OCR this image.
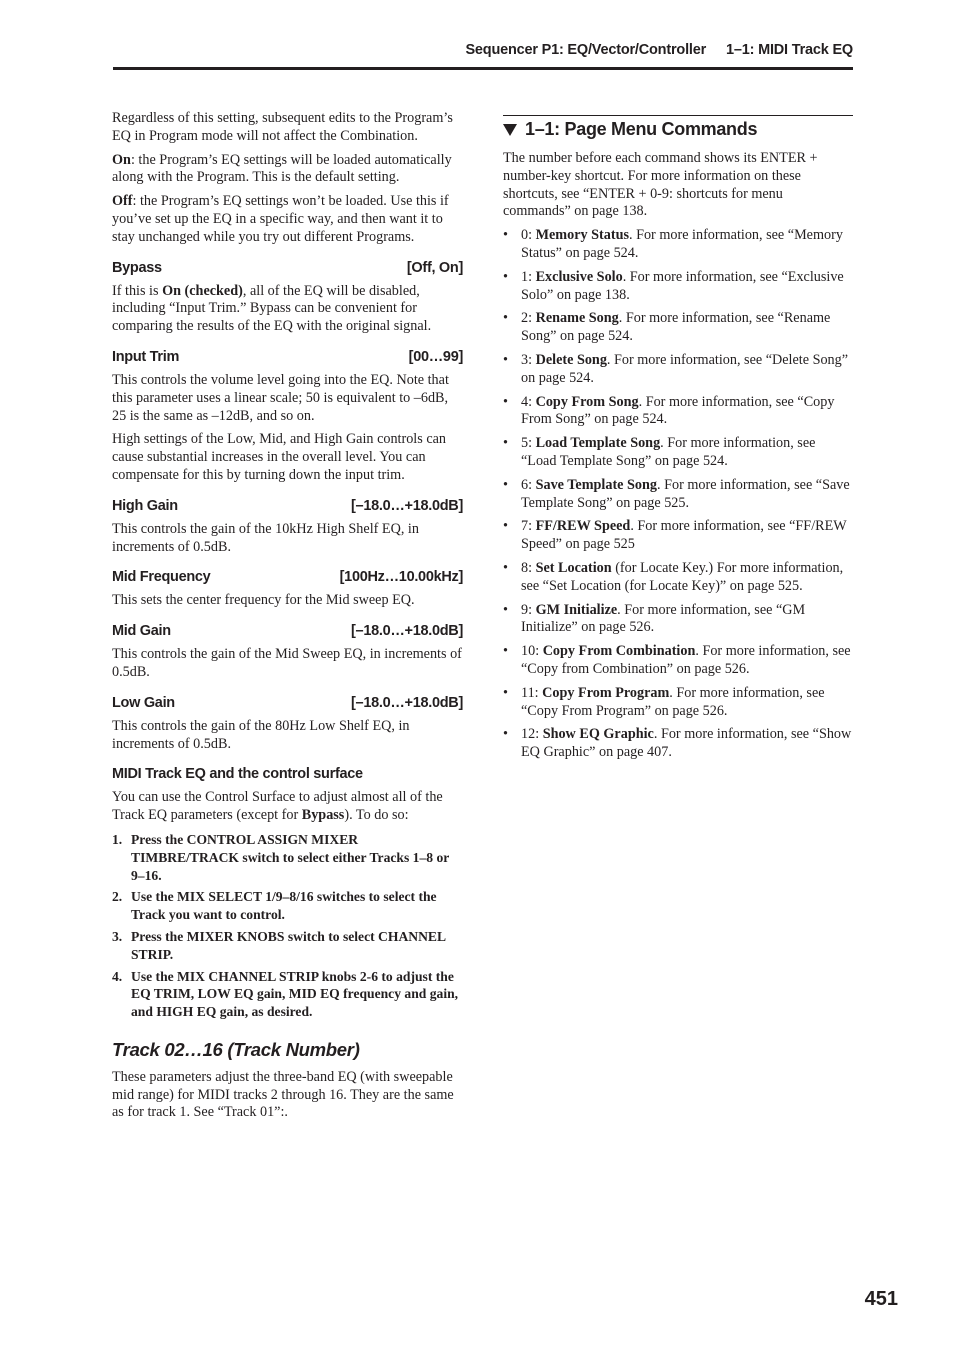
Sequencer P1: EQ/Vector/Controller 1–1: MIDI Track EQ

Regardless of this setting, subsequent edits to the Program’s EQ in Program mode will not affect the Combination.

On: the Program’s EQ settings will be loaded automatically along with the Program. This is the default setting.

Off: the Program’s EQ settings won’t be loaded. Use this if you’ve set up the EQ in a specific way, and then want it to stay unchanged while you try out different Programs.

Bypass	[Off, On]

If this is On (checked), all of the EQ will be disabled, including “Input Trim.” Bypass can be convenient for comparing the results of the EQ with the original signal.

Input Trim	[00…99]

This controls the volume level going into the EQ. Note that this parameter uses a linear scale; 50 is equivalent to –6dB, 25 is the same as –12dB, and so on.

High settings of the Low, Mid, and High Gain controls can cause substantial increases in the overall level. You can compensate for this by turning down the input trim.

High Gain	[–18.0…+18.0dB]

This controls the gain of the 10kHz High Shelf EQ, in increments of 0.5dB.

Mid Frequency	[100Hz…10.00kHz]

This sets the center frequency for the Mid sweep EQ.

Mid Gain	[–18.0…+18.0dB]

This controls the gain of the Mid Sweep EQ, in increments of 0.5dB.

Low Gain	[–18.0…+18.0dB]

This controls the gain of the 80Hz Low Shelf EQ, in increments of 0.5dB.

MIDI Track EQ and the control surface

You can use the Control Surface to adjust almost all of the Track EQ parameters (except for Bypass). To do so:

1. Press the CONTROL ASSIGN MIXER TIMBRE/TRACK switch to select either Tracks 1–8 or 9–16.
2. Use the MIX SELECT 1/9–8/16 switches to select the Track you want to control.
3. Press the MIXER KNOBS switch to select CHANNEL STRIP.
4. Use the MIX CHANNEL STRIP knobs 2-6 to adjust the EQ TRIM, LOW EQ gain, MID EQ frequency and gain, and HIGH EQ gain, as desired.
Track 02…16 (Track Number)

These parameters adjust the three-band EQ (with sweepable mid range) for MIDI tracks 2 through 16. They are the same as for track 1. See “Track 01”:.

1–1: Page Menu Commands

The number before each command shows its ENTER + number-key shortcut. For more information on these shortcuts, see “ENTER + 0-9: shortcuts for menu commands” on page 138.

• 0: Memory Status. For more information, see “Memory Status” on page 524.
• 1: Exclusive Solo. For more information, see “Exclusive Solo” on page 138.
• 2: Rename Song. For more information, see “Rename Song” on page 524.
• 3: Delete Song. For more information, see “Delete Song” on page 524.
• 4: Copy From Song. For more information, see “Copy From Song” on page 524.
• 5: Load Template Song. For more information, see “Load Template Song” on page 524.
• 6: Save Template Song. For more information, see “Save Template Song” on page 525.
• 7: FF/REW Speed. For more information, see “FF/REW Speed” on page 525
• 8: Set Location (for Locate Key.) For more information, see “Set Location (for Locate Key)” on page 525.
• 9: GM Initialize. For more information, see “GM Initialize” on page 526.
• 10: Copy From Combination. For more information, see “Copy from Combination” on page 526.
• 11: Copy From Program. For more information, see “Copy From Program” on page 526.
• 12: Show EQ Graphic. For more information, see “Show EQ Graphic” on page 407.
451
